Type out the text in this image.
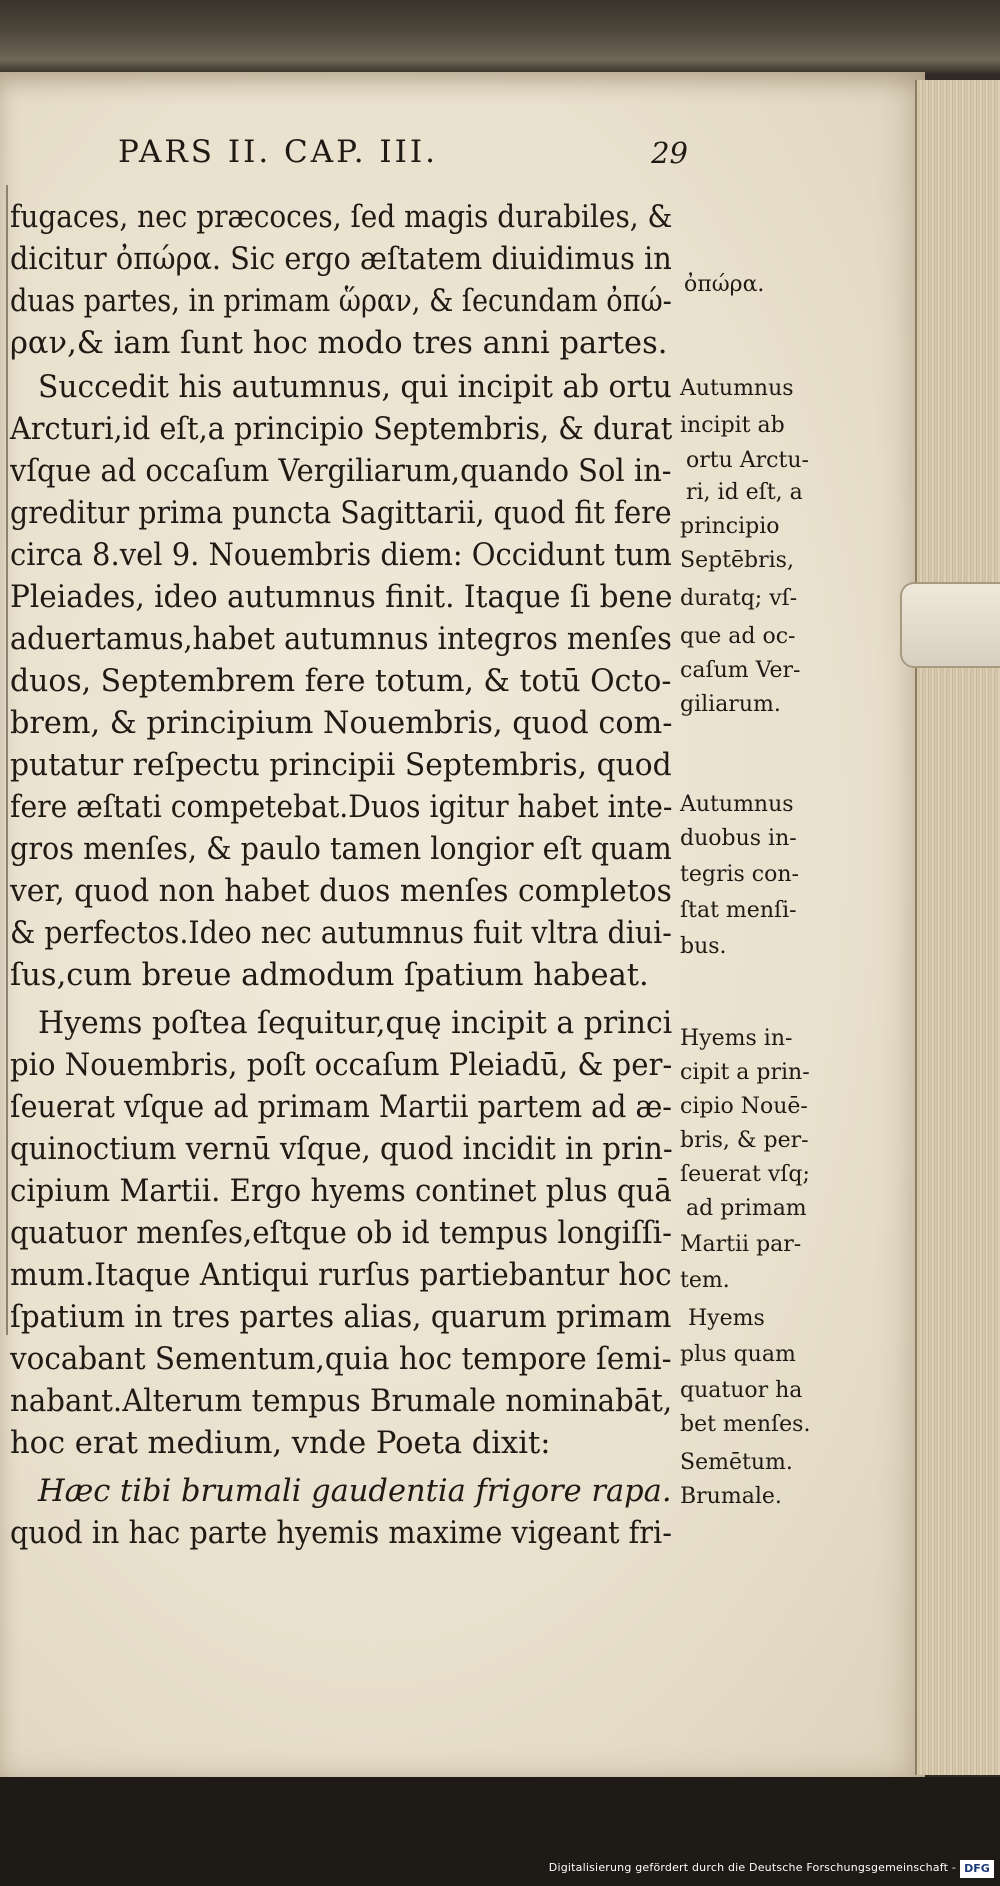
PARS II. CAP. III.	29
fugaces, nec præcoces, ſed magis durabiles, &
dicitur ὀπώρα. Sic ergo æſtatem diuidimus in
duas partes, in primam ὥραν, & ſecundam ὀπώ-
ραν,& iam ſunt hoc modo tres anni partes.
Succedit his autumnus, qui incipit ab ortu
Arcturi,id eſt,a principio Septembris, & durat
vſque ad occaſum Vergiliarum,quando Sol in-
greditur prima puncta Sagittarii, quod fit fere
circa 8.vel 9. Nouembris diem: Occidunt tum
Pleiades, ideo autumnus finit. Itaque ſi bene
aduertamus,habet autumnus integros menſes
duos, Septembrem fere totum, & totū Octo-
brem, & principium Nouembris, quod com-
putatur reſpectu principii Septembris, quod
fere æſtati competebat.Duos igitur habet inte-
gros menſes, & paulo tamen longior eſt quam
ver, quod non habet duos menſes completos
& perfectos.Ideo nec autumnus fuit vltra diui-
ſus,cum breue admodum ſpatium habeat.
Hyems poſtea ſequitur,quę incipit a princi
pio Nouembris, poſt occaſum Pleiadū, & per-
ſeuerat vſque ad primam Martii partem ad æ-
quinoctium vernū vſque, quod incidit in prin-
cipium Martii. Ergo hyems continet plus quā
quatuor menſes,eſtque ob id tempus longiſſi-
mum.Itaque Antiqui rurſus partiebantur hoc
ſpatium in tres partes alias, quarum primam
vocabant Sementum,quia hoc tempore ſemi-
nabant.Alterum tempus Brumale nominabāt,
hoc erat medium, vnde Poeta dixit:
Hæc tibi brumali gaudentia frigore rapa.
quod in hac parte hyemis maxime vigeant fri-
ὀπώρα.
Autumnus
incipit ab
ortu Arctu-
ri, id eſt, a
principio
Septēbris,
duratq; vſ-
que ad oc-
caſum Ver-
giliarum.
Autumnus
duobus in-
tegris con-
ſtat menſi-
bus.
Hyems in-
cipit a prin-
cipio Nouē-
bris, & per-
ſeuerat vſq;
ad primam
Martii par-
tem.
Hyems
plus quam
quatuor ha
bet menſes.
Semētum.
Brumale.
Digitalisierung gefördert durch die Deutsche Forschungsgemeinschaft - DFG
